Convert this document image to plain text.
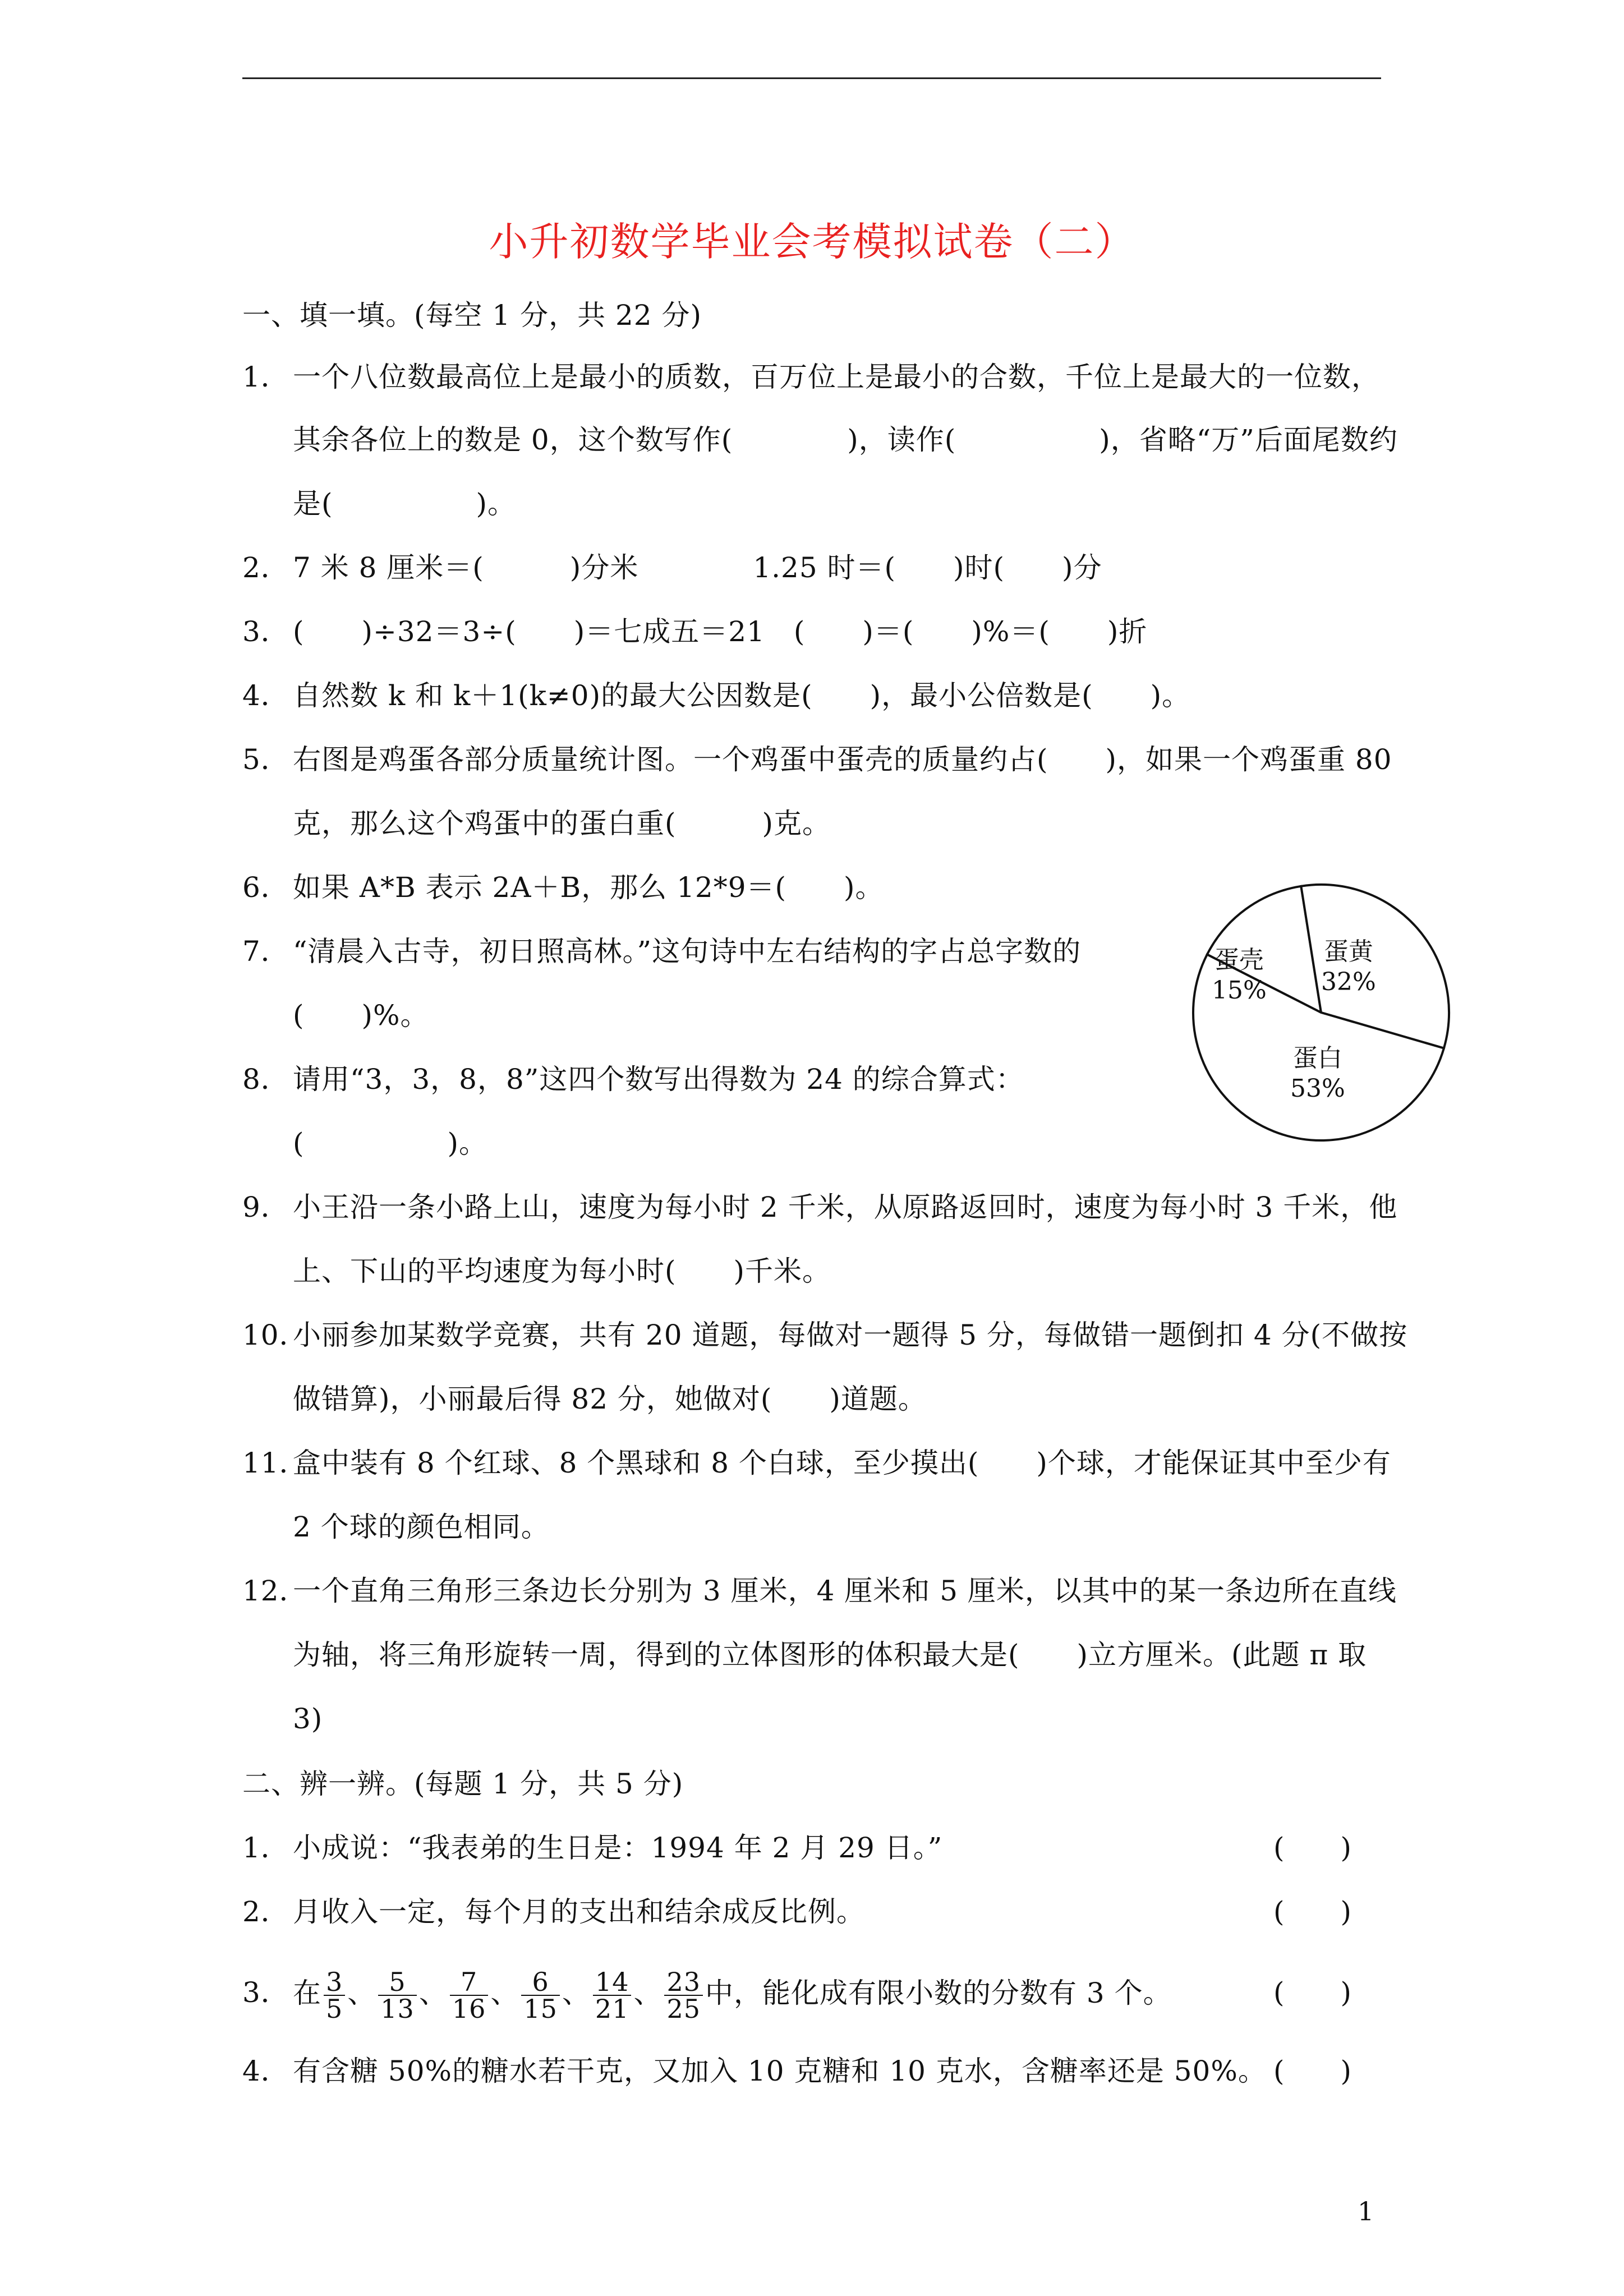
小升初数学毕业会考模拟试卷（二）
一、填一填。(每空 1 分，共 22 分)
1． 一个八位数最高位上是最小的质数，百万位上是最小的合数，千位上是最大的一位数，
其余各位上的数是 0，这个数写作(　　　　)，读作(　　　　　)，省略“万”后面尾数约
是(　　　　　)。
2． 7 米 8 厘米＝(　　　)分米　　　　1.25 时＝(　　)时(　　)分
3． (　　)÷32＝3÷(　　)＝七成五＝21　(　　)＝(　　)%＝(　　)折
4． 自然数 k 和 k＋1(k≠0)的最大公因数是(　　)，最小公倍数是(　　)。
5． 右图是鸡蛋各部分质量统计图。一个鸡蛋中蛋壳的质量约占(　　)，如果一个鸡蛋重 80
克，那么这个鸡蛋中的蛋白重(　　　)克。
6． 如果 A*B 表示 2A＋B，那么 12*9＝(　　)。
7． “清晨入古寺，初日照高林。”这句诗中左右结构的字占总字数的
(　　)%。
8． 请用“3，3，8，8”这四个数写出得数为 24 的综合算式：
(　　　　　)。
9． 小王沿一条小路上山，速度为每小时 2 千米，从原路返回时，速度为每小时 3 千米，他
上、下山的平均速度为每小时(　　)千米。
10．
小丽参加某数学竞赛，共有 20 道题，每做对一题得 5 分，每做错一题倒扣 4 分(不做按
做错算)，小丽最后得 82 分，她做对(　　)道题。
11．
盒中装有 8 个红球、8 个黑球和 8 个白球，至少摸出(　　)个球，才能保证其中至少有
2 个球的颜色相同。
12．
一个直角三角形三条边长分别为 3 厘米，4 厘米和 5 厘米，以其中的某一条边所在直线
为轴，将三角形旋转一周，得到的立体图形的体积最大是(　　)立方厘米。(此题 π 取
3)
蛋壳
15%
蛋黄
32%
蛋白
53%
二、辨一辨。(每题 1 分，共 5 分)
1． 小成说：“我表弟的生日是：1994 年 2 月 29 日。”	(　　)
2． 月收入一定，每个月的支出和结余成反比例。	(　　)
3． 在 $\frac{3}{5}$ 、 $\frac{5}{13}$ 、 $\frac{7}{16}$ 、 $\frac{6}{15}$ 、 $\frac{14}{21}$ 、 $\frac{23}{25}$ 中，能化成有限小数的分数有 3 个。	(　　)
4． 有含糖 50%的糖水若干克，又加入 10 克糖和 10 克水，含糖率还是 50%。 (　　)
1
